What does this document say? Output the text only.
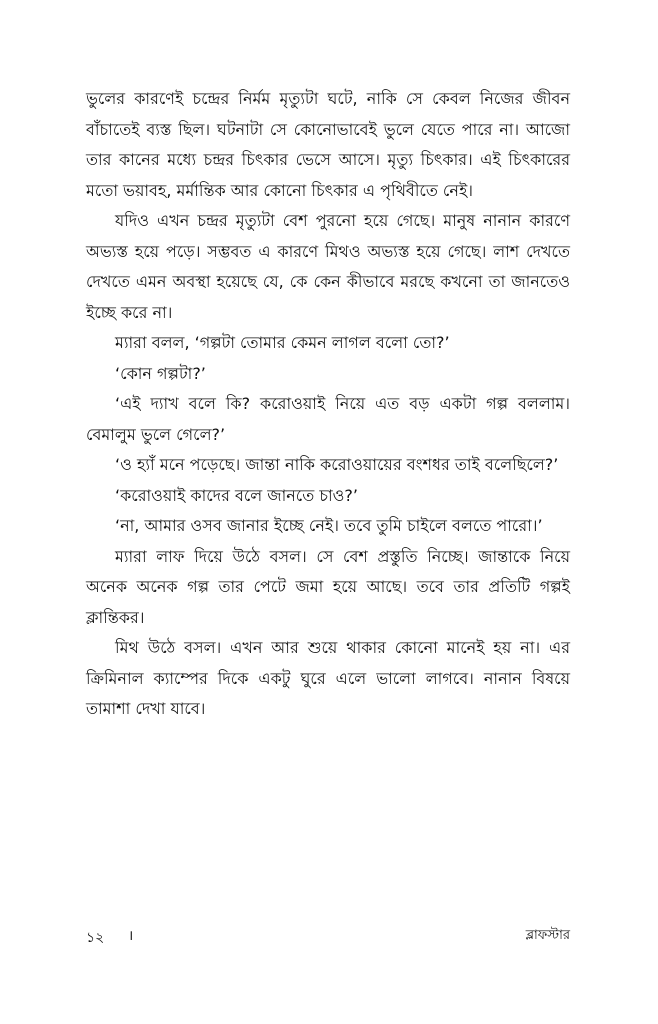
ভুলের কারণেই চন্দ্রের নির্মম মৃত্যুটা ঘটে, নাকি সে কেবল নিজের জীবন বাঁচাতেই ব্যস্ত ছিল। ঘটনাটা সে কোনোভাবেই ভুলে যেতে পারে না। আজো তার কানের মধ্যে চন্দ্রর চিৎকার ভেসে আসে। মৃত্যু চিৎকার। এই চিৎকারের মতো ভয়াবহ, মর্মান্তিক আর কোনো চিৎকার এ পৃথিবীতে নেই।

যদিও এখন চন্দ্রর মৃত্যুটা বেশ পুরনো হয়ে গেছে। মানুষ নানান কারণে অভ্যস্ত হয়ে পড়ে। সম্ভবত এ কারণে মিথও অভ্যস্ত হয়ে গেছে। লাশ দেখতে দেখতে এমন অবস্থা হয়েছে যে, কে কেন কীভাবে মরছে কখনো তা জানতেও ইচ্ছে করে না।

ম্যারা বলল, ‘গল্পটা তোমার কেমন লাগল বলো তো?’

‘কোন গল্পটা?’

‘এই দ্যাখ বলে কি? করোওয়াই নিয়ে এত বড় একটা গল্প বললাম। বেমালুম ভুলে গেলে?’

‘ও হ্যাঁ মনে পড়েছে। জান্তা নাকি করোওয়ায়ের বংশধর তাই বলেছিলে?’

‘করোওয়াই কাদের বলে জানতে চাও?’

‘না, আমার ওসব জানার ইচ্ছে নেই। তবে তুমি চাইলে বলতে পারো।’

ম্যারা লাফ দিয়ে উঠে বসল। সে বেশ প্রস্তুতি নিচ্ছে। জান্তাকে নিয়ে অনেক অনেক গল্প তার পেটে জমা হয়ে আছে। তবে তার প্রতিটি গল্পই ক্লান্তিকর।

মিথ উঠে বসল। এখন আর শুয়ে থাকার কোনো মানেই হয় না। এর ক্রিমিনাল ক্যাম্পের দিকে একটু ঘুরে এলে ভালো লাগবে। নানান বিষয়ে তামাশা দেখা যাবে।

১২ ।	ব্লাফস্টার
